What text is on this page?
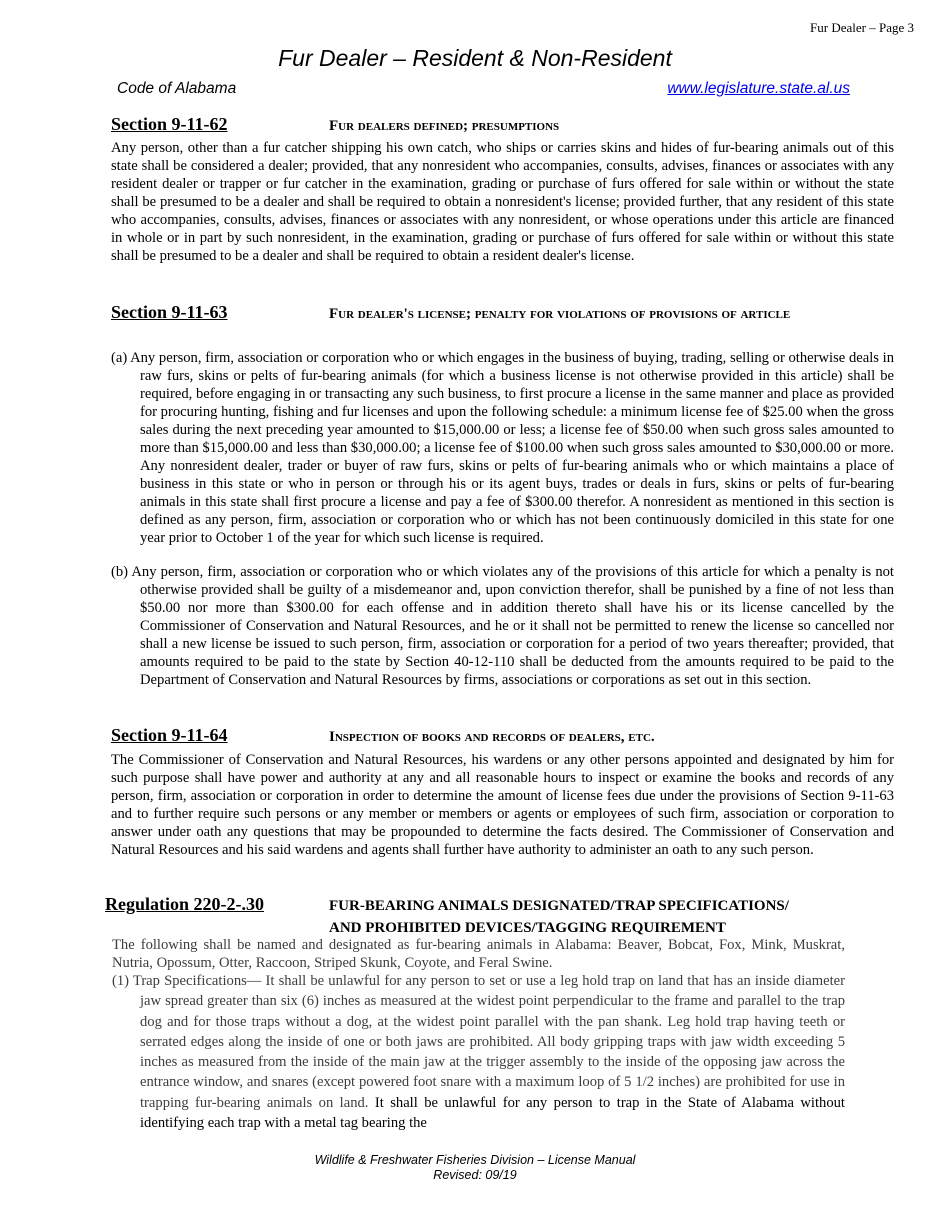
Fur Dealer – Page 3
Fur Dealer – Resident & Non-Resident
Code of Alabama	www.legislature.state.al.us
Section 9-11-62	Fur dealers defined; presumptions
Any person, other than a fur catcher shipping his own catch, who ships or carries skins and hides of fur-bearing animals out of this state shall be considered a dealer; provided, that any nonresident who accompanies, consults, advises, finances or associates with any resident dealer or trapper or fur catcher in the examination, grading or purchase of furs offered for sale within or without the state shall be presumed to be a dealer and shall be required to obtain a nonresident's license; provided further, that any resident of this state who accompanies, consults, advises, finances or associates with any nonresident, or whose operations under this article are financed in whole or in part by such nonresident, in the examination, grading or purchase of furs offered for sale within or without this state shall be presumed to be a dealer and shall be required to obtain a resident dealer's license.
Section 9-11-63	Fur dealer's license; penalty for violations of provisions of article
(a) Any person, firm, association or corporation who or which engages in the business of buying, trading, selling or otherwise deals in raw furs, skins or pelts of fur-bearing animals (for which a business license is not otherwise provided in this article) shall be required, before engaging in or transacting any such business, to first procure a license in the same manner and place as provided for procuring hunting, fishing and fur licenses and upon the following schedule: a minimum license fee of $25.00 when the gross sales during the next preceding year amounted to $15,000.00 or less; a license fee of $50.00 when such gross sales amounted to more than $15,000.00 and less than $30,000.00; a license fee of $100.00 when such gross sales amounted to $30,000.00 or more. Any nonresident dealer, trader or buyer of raw furs, skins or pelts of fur-bearing animals who or which maintains a place of business in this state or who in person or through his or its agent buys, trades or deals in furs, skins or pelts of fur-bearing animals in this state shall first procure a license and pay a fee of $300.00 therefor. A nonresident as mentioned in this section is defined as any person, firm, association or corporation who or which has not been continuously domiciled in this state for one year prior to October 1 of the year for which such license is required.
(b) Any person, firm, association or corporation who or which violates any of the provisions of this article for which a penalty is not otherwise provided shall be guilty of a misdemeanor and, upon conviction therefor, shall be punished by a fine of not less than $50.00 nor more than $300.00 for each offense and in addition thereto shall have his or its license cancelled by the Commissioner of Conservation and Natural Resources, and he or it shall not be permitted to renew the license so cancelled nor shall a new license be issued to such person, firm, association or corporation for a period of two years thereafter; provided, that amounts required to be paid to the state by Section 40-12-110 shall be deducted from the amounts required to be paid to the Department of Conservation and Natural Resources by firms, associations or corporations as set out in this section.
Section 9-11-64	Inspection of books and records of dealers, etc.
The Commissioner of Conservation and Natural Resources, his wardens or any other persons appointed and designated by him for such purpose shall have power and authority at any and all reasonable hours to inspect or examine the books and records of any person, firm, association or corporation in order to determine the amount of license fees due under the provisions of Section 9-11-63 and to further require such persons or any member or members or agents or employees of such firm, association or corporation to answer under oath any questions that may be propounded to determine the facts desired. The Commissioner of Conservation and Natural Resources and his said wardens and agents shall further have authority to administer an oath to any such person.
Regulation 220-2-.30	FUR-BEARING ANIMALS DESIGNATED/TRAP SPECIFICATIONS/
AND PROHIBITED DEVICES/TAGGING REQUIREMENT
The following shall be named and designated as fur-bearing animals in Alabama: Beaver, Bobcat, Fox, Mink, Muskrat, Nutria, Opossum, Otter, Raccoon, Striped Skunk, Coyote, and Feral Swine.
(1) Trap Specifications— It shall be unlawful for any person to set or use a leg hold trap on land that has an inside diameter jaw spread greater than six (6) inches as measured at the widest point perpendicular to the frame and parallel to the trap dog and for those traps without a dog, at the widest point parallel with the pan shank. Leg hold trap having teeth or serrated edges along the inside of one or both jaws are prohibited. All body gripping traps with jaw width exceeding 5 inches as measured from the inside of the main jaw at the trigger assembly to the inside of the opposing jaw across the entrance window, and snares (except powered foot snare with a maximum loop of 5 1/2 inches) are prohibited for use in trapping fur-bearing animals on land. It shall be unlawful for any person to trap in the State of Alabama without identifying each trap with a metal tag bearing the
Wildlife & Freshwater Fisheries Division – License Manual
Revised: 09/19
